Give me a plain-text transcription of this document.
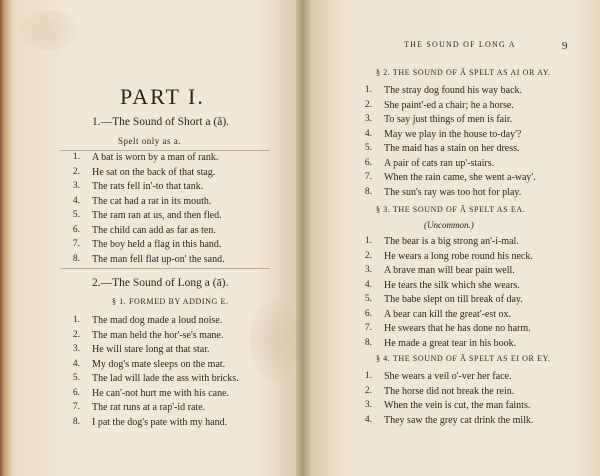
PART I.
1.—The Sound of Short a (ă).
Spelt only as a.
1. A bat is worn by a man of rank.
2. He sat on the back of that stag.
3. The rats fell in'-to that tank.
4. The cat had a rat in its mouth.
5. The ram ran at us, and then fled.
6. The child can add as far as ten.
7. The boy held a flag in this hand.
8. The man fell flat up-on' the sand.
2.—The Sound of Long a (ā).
§ 1. FORMED BY ADDING E.
1. The mad dog made a loud noise.
2. The man held the hor'-se's mane.
3. He will stare long at that star.
4. My dog's mate sleeps on the mat.
5. The lad will lade the ass with bricks.
6. He can'-not hurt me with his cane.
7. The rat runs at a rap'-id rate.
8. I pat the dog's pate with my hand.
THE SOUND OF LONG A	9
§ 2. THE SOUND OF Ā SPELT AS AI OR AY.
1. The stray dog found his way back.
2. She paint'-ed a chair; he a horse.
3. To say just things of men is fair.
4. May we play in the house to-day'?
5. The maid has a stain on her dress.
6. A pair of cats ran up'-stairs.
7. When the rain came, she went a-way'.
8. The sun's ray was too hot for play.
§ 3. THE SOUND OF Ā SPELT AS EA.
(Uncommon.)
1. The bear is a big strong an'-i-mal.
2. He wears a long robe round his neck.
3. A brave man will bear pain well.
4. He tears the silk which she wears.
5. The babe slept on till break of day.
6. A bear can kill the great'-est ox.
7. He swears that he has done no harm.
8. He made a great tear in his book.
§ 4. THE SOUND OF Ā SPELT AS EI OR EY.
1. She wears a veil o'-ver her face.
2. The horse did not break the rein.
3. When the vein is cut, the man faints.
4. They saw the grey cat drink the milk.
